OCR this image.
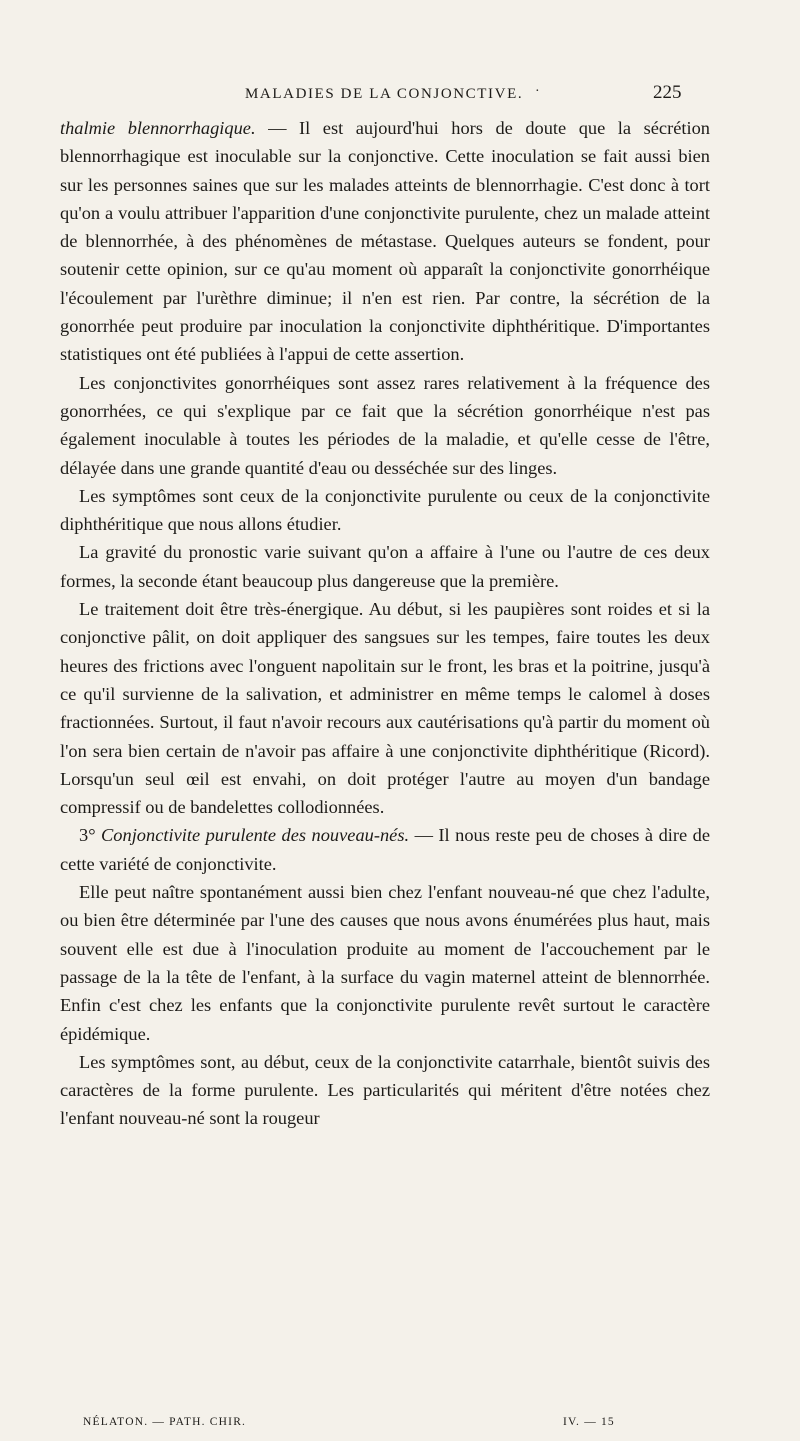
MALADIES DE LA CONJONCTIVE. ·	225

thalmie blennorrhagique. — Il est aujourd'hui hors de doute que la sécrétion blennorrhagique est inoculable sur la conjonctive. Cette inoculation se fait aussi bien sur les personnes saines que sur les malades atteints de blennorrhagie. C'est donc à tort qu'on a voulu attribuer l'apparition d'une conjonctivite purulente, chez un malade atteint de blennorrhée, à des phénomènes de métastase. Quelques auteurs se fondent, pour soutenir cette opinion, sur ce qu'au moment où apparaît la conjonctivite gonorrhéique l'écoulement par l'urèthre diminue; il n'en est rien. Par contre, la sécrétion de la gonorrhée peut produire par inoculation la conjonctivite diphthéritique. D'importantes statistiques ont été publiées à l'appui de cette assertion.

Les conjonctivites gonorrhéiques sont assez rares relativement à la fréquence des gonorrhées, ce qui s'explique par ce fait que la sécrétion gonorrhéique n'est pas également inoculable à toutes les périodes de la maladie, et qu'elle cesse de l'être, délayée dans une grande quantité d'eau ou desséchée sur des linges.

Les symptômes sont ceux de la conjonctivite purulente ou ceux de la conjonctivite diphthéritique que nous allons étudier.

La gravité du pronostic varie suivant qu'on a affaire à l'une ou l'autre de ces deux formes, la seconde étant beaucoup plus dangereuse que la première.

Le traitement doit être très-énergique. Au début, si les paupières sont roides et si la conjonctive pâlit, on doit appliquer des sangsues sur les tempes, faire toutes les deux heures des frictions avec l'onguent napolitain sur le front, les bras et la poitrine, jusqu'à ce qu'il survienne de la salivation, et administrer en même temps le calomel à doses fractionnées. Surtout, il faut n'avoir recours aux cautérisations qu'à partir du moment où l'on sera bien certain de n'avoir pas affaire à une conjonctivite diphthéritique (Ricord). Lorsqu'un seul œil est envahi, on doit protéger l'autre au moyen d'un bandage compressif ou de bandelettes collodionnées.

3° Conjonctivite purulente des nouveau-nés. — Il nous reste peu de choses à dire de cette variété de conjonctivite.

Elle peut naître spontanément aussi bien chez l'enfant nouveau-né que chez l'adulte, ou bien être déterminée par l'une des causes que nous avons énumérées plus haut, mais souvent elle est due à l'inoculation produite au moment de l'accouchement par le passage de la la tête de l'enfant, à la surface du vagin maternel atteint de blennorrhée. Enfin c'est chez les enfants que la conjonctivite purulente revêt surtout le caractère épidémique.

Les symptômes sont, au début, ceux de la conjonctivite catarrhale, bientôt suivis des caractères de la forme purulente. Les particularités qui méritent d'être notées chez l'enfant nouveau-né sont la rougeur

NÉLATON. — PATH. CHIR.	IV. — 15
